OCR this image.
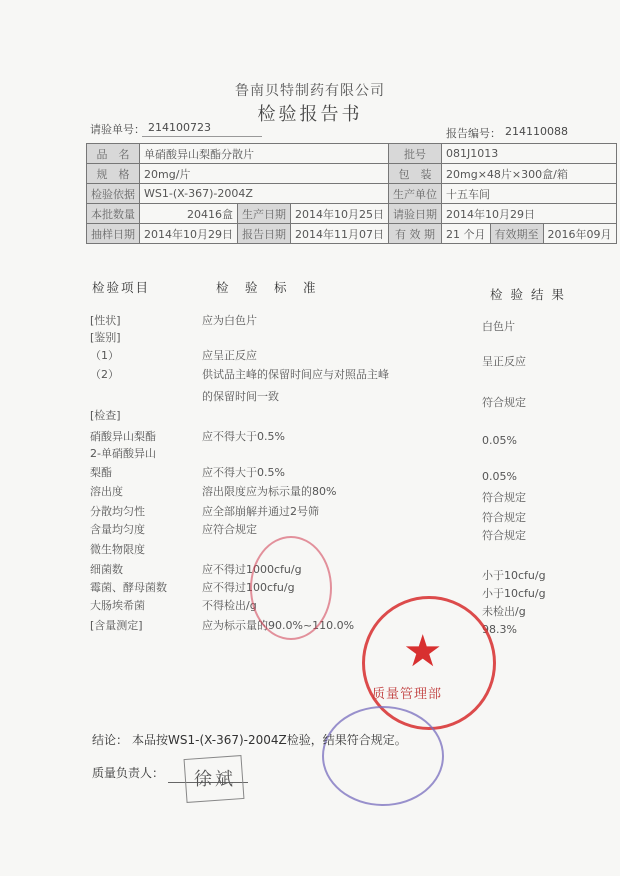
鲁南贝特制药有限公司
检验报告书
请验单号： 214100723	报告编号： 214110088
品　名	单硝酸异山梨酯分散片			批号	081J1013		
规　格	20mg/片			包　装	20mg×48片×300盒/箱		
检验依据	WS1-(X-367)-2004Z			生产单位	十五车间		
本批数量	20416盒	生产日期	2014年10月25日	请验日期	2014年10月29日		
抽样日期	2014年10月29日	报告日期	2014年11月07日	有 效 期	21 个月	有效期至	2016年09月
检验项目	检　验　标　准	检 验 结 果
[性状]	应为白色片	白色片
[鉴别]
（1）	应呈正反应	呈正反应
（2）	供试品主峰的保留时间应与对照品主峰
的保留时间一致	符合规定
[检查]
硝酸异山梨酯	应不得大于0.5%	0.05%
2-单硝酸异山
梨酯	应不得大于0.5%	0.05%
溶出度	溶出限度应为标示量的80%	符合规定
分散均匀性	应全部崩解并通过2号筛	符合规定
含量均匀度	应符合规定	符合规定
微生物限度
细菌数	应不得过1000cfu/g	小于10cfu/g
霉菌、酵母菌数	应不得过100cfu/g	小于10cfu/g
大肠埃希菌	不得检出/g	未检出/g
[含量测定]	应为标示量的90.0%~110.0%	98.3%
★
质量管理部
结论： 本品按WS1-(X-367)-2004Z检验，结果符合规定。
质量负责人： 徐斌
